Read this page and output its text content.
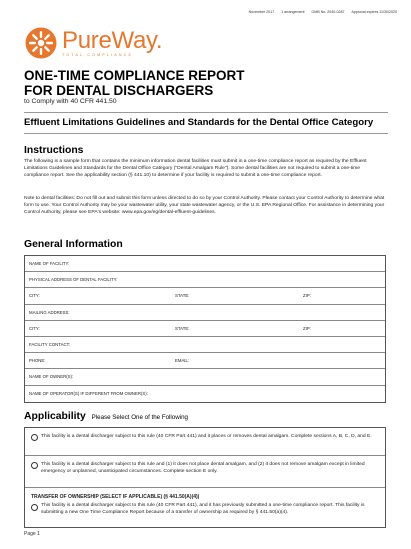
November 2017 1 arrangement OMB No. 2040-0287 Approval expires 11/30/2020
PureWay.
TOTAL COMPLIANCE
ONE-TIME COMPLIANCE REPORT
FOR DENTAL DISCHARGERS
to Comply with 40 CFR 441.50
Effluent Limitations Guidelines and Standards for the Dental Office Category
Instructions
The following is a sample form that contains the minimum information dental facilities must submit in a one-time compliance report as required by the Effluent Limitations Guidelines and Standards for the Dental Office Category ("Dental Amalgam Rule"). Some dental facilities are not required to submit a one-time compliance report. See the applicability section (§ 441.10) to determine if your facility is required to submit a one-time compliance report.
Note to dental facilities: Do not fill out and submit this form unless directed to do so by your Control Authority. Please contact your Control Authority to determine what form to use. Your Control Authority may be your wastewater utility, your state wastewater agency, or the U.S. EPA Regional Office. For assistance in determining your Control Authority, please see EPA's website: www.epa.gov/eg/dental-effluent-guidelines.
General Information
NAME OF FACILITY:
PHYSICAL ADDRESS OF DENTAL FACILITY:
CITY:	STATE:	ZIP:
MAILING ADDRESS:
CITY:	STATE:	ZIP:
FACILITY CONTACT:
PHONE:	EMAIL:
NAME OF OWNER(S):
NAME OF OPERATOR(S) IF DIFFERENT FROM OWNER(S):
Applicability Please Select One of the Following
This facility is a dental discharger subject to this rule (40 CFR Part 441) and it places or removes dental amalgam. Complete sections A, B, C, D, and E.
This facility is a dental discharger subject to this rule and (1) it does not place dental amalgam, and (2) it does not remove amalgam except in limited emergency or unplanned, unanticipated circumstances. Complete section E only.
TRANSFER OF OWNERSHIP (SELECT IF APPLICABLE) (§ 441.50(A)(4))
This facility is a dental discharger subject to this rule (40 CFR Part 441), and it has previously submitted a one-time compliance report. This facility is submitting a new One Time Compliance Report because of a transfer of ownership as required by § 441.50(a)(4).
Page 1
